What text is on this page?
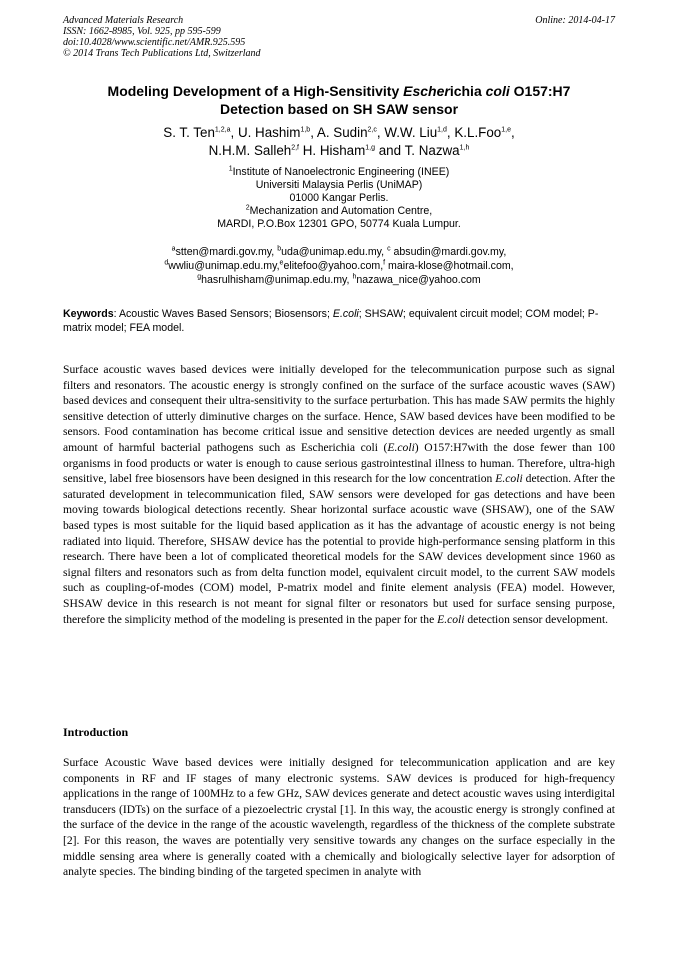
Advanced Materials Research
ISSN: 1662-8985, Vol. 925, pp 595-599
doi:10.4028/www.scientific.net/AMR.925.595
© 2014 Trans Tech Publications Ltd, Switzerland
Online: 2014-04-17
Modeling Development of a High-Sensitivity Escherichia coli O157:H7
Detection based on SH SAW sensor
S. T. Ten$^{1,2,a}$, U. Hashim$^{1,b}$, A. Sudin$^{2,c}$, W.W. Liu$^{1,d}$, K.L.Foo$^{1,e}$,
N.H.M. Salleh$^{2,f}$ H. Hisham$^{1,g}$ and T. Nazwa$^{1,h}$
$^1$Institute of Nanoelectronic Engineering (INEE)
Universiti Malaysia Perlis (UniMAP)
01000 Kangar Perlis.
$^2$Mechanization and Automation Centre,
MARDI, P.O.Box 12301 GPO, 50774 Kuala Lumpur.
$^a$stten@mardi.gov.my, $^b$uda@unimap.edu.my, $^c$ absudin@mardi.gov.my,
$^d$wwliu@unimap.edu.my,$^e$elitefoo@yahoo.com,$^f$ maira-klose@hotmail.com,
$^g$hasrulhisham@unimap.edu.my, $^h$nazawa_nice@yahoo.com
Keywords: Acoustic Waves Based Sensors; Biosensors; E.coli; SHSAW; equivalent circuit model; COM model; P-matrix model; FEA model.
Surface acoustic waves based devices were initially developed for the telecommunication purpose such as signal filters and resonators. The acoustic energy is strongly confined on the surface of the surface acoustic waves (SAW) based devices and consequent their ultra-sensitivity to the surface perturbation. This has made SAW permits the highly sensitive detection of utterly diminutive charges on the surface. Hence, SAW based devices have been modified to be sensors. Food contamination has become critical issue and sensitive detection devices are needed urgently as small amount of harmful bacterial pathogens such as Escherichia coli (E.coli) O157:H7with the dose fewer than 100 organisms in food products or water is enough to cause serious gastrointestinal illness to human. Therefore, ultra-high sensitive, label free biosensors have been designed in this research for the low concentration E.coli detection. After the saturated development in telecommunication filed, SAW sensors were developed for gas detections and have been moving towards biological detections recently. Shear horizontal surface acoustic wave (SHSAW), one of the SAW based types is most suitable for the liquid based application as it has the advantage of acoustic energy is not being radiated into liquid. Therefore, SHSAW device has the potential to provide high-performance sensing platform in this research. There have been a lot of complicated theoretical models for the SAW devices development since 1960 as signal filters and resonators such as from delta function model, equivalent circuit model, to the current SAW models such as coupling-of-modes (COM) model, P-matrix model and finite element analysis (FEA) model. However, SHSAW device in this research is not meant for signal filter or resonators but used for surface sensing purpose, therefore the simplicity method of the modeling is presented in the paper for the E.coli detection sensor development.
Introduction
Surface Acoustic Wave based devices were initially designed for telecommunication application and are key components in RF and IF stages of many electronic systems. SAW devices is produced for high-frequency applications in the range of 100MHz to a few GHz, SAW devices generate and detect acoustic waves using interdigital transducers (IDTs) on the surface of a piezoelectric crystal [1]. In this way, the acoustic energy is strongly confined at the surface of the device in the range of the acoustic wavelength, regardless of the thickness of the complete substrate [2]. For this reason, the waves are potentially very sensitive towards any changes on the surface especially in the middle sensing area where is generally coated with a chemically and biologically selective layer for adsorption of analyte species. The binding binding of the targeted specimen in analyte with
